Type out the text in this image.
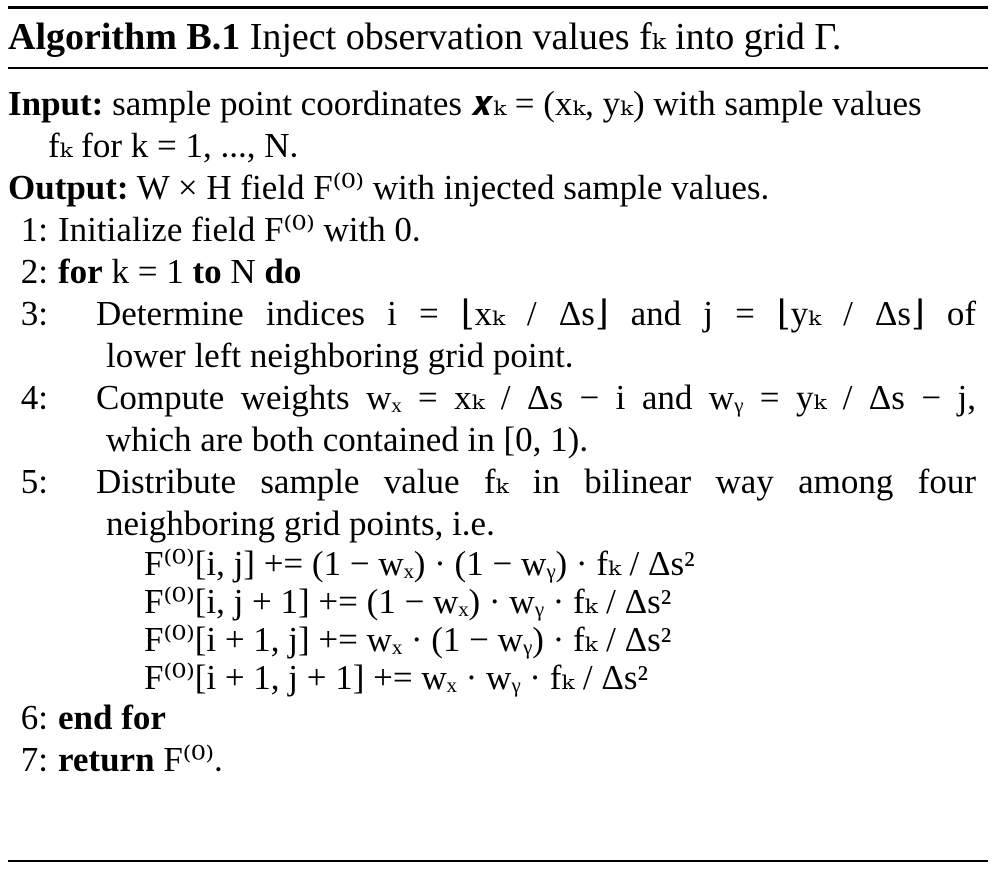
Algorithm B.1 Inject observation values fₖ into grid Γ.
Input: sample point coordinates 𝒙ₖ = (xₖ, yₖ) with sample values
fₖ for k = 1, ..., N.
Output: W × H field F⁽⁰⁾ with injected sample values.
1: Initialize field F⁽⁰⁾ with 0.
2: for k = 1 to N do
3: Determine indices i = ⌊xₖ / Δs⌋ and j = ⌊yₖ / Δs⌋ of
lower left neighboring grid point.
4: Compute weights wₓ = xₖ / Δs − i and wᵧ = yₖ / Δs − j,
which are both contained in [0, 1).
5: Distribute sample value fₖ in bilinear way among four
neighboring grid points, i.e.
F⁽⁰⁾[i, j] += (1 − wₓ) · (1 − wᵧ) · fₖ / Δs²
F⁽⁰⁾[i, j + 1] += (1 − wₓ) · wᵧ · fₖ / Δs²
F⁽⁰⁾[i + 1, j] += wₓ · (1 − wᵧ) · fₖ / Δs²
F⁽⁰⁾[i + 1, j + 1] += wₓ · wᵧ · fₖ / Δs²
6: end for
7: return F⁽⁰⁾.
